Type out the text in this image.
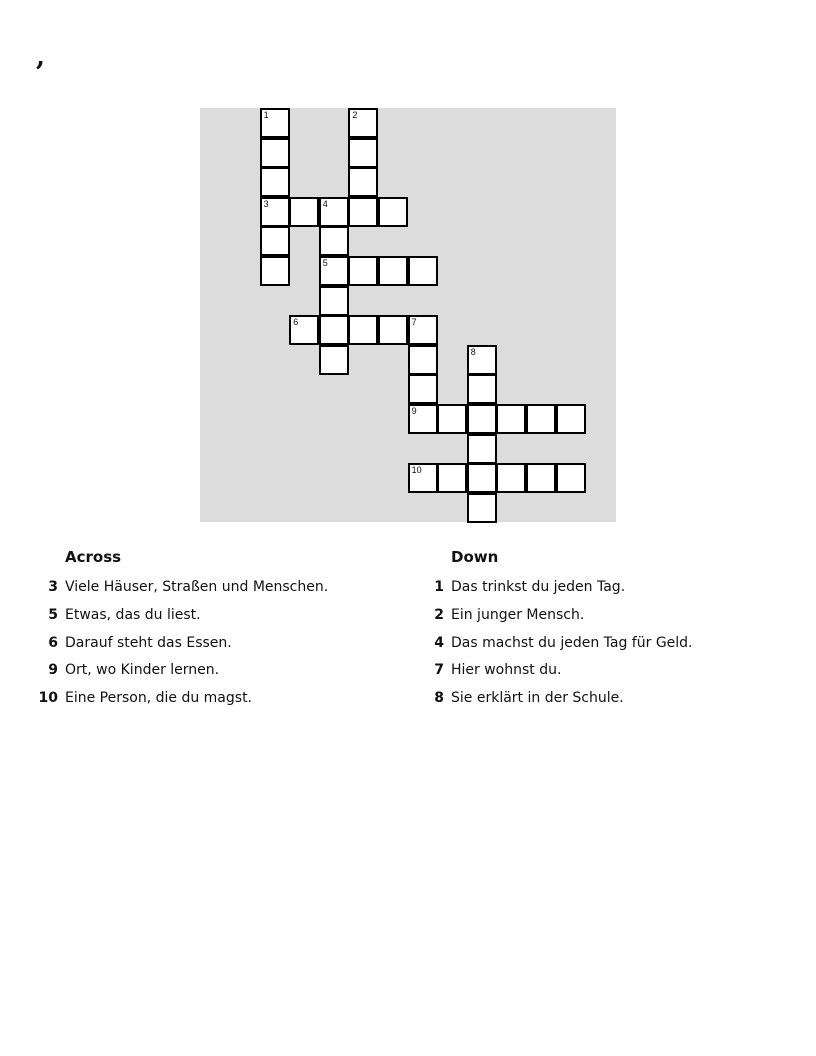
,
1	2
3	4
5
6	7
8
9
10
Across	Down
3 Viele Häuser, Straßen und Menschen.
5 Etwas, das du liest.
6 Darauf steht das Essen.
9 Ort, wo Kinder lernen.
10 Eine Person, die du magst.
1 Das trinkst du jeden Tag.
2 Ein junger Mensch.
4 Das machst du jeden Tag für Geld.
7 Hier wohnst du.
8 Sie erklärt in der Schule.
